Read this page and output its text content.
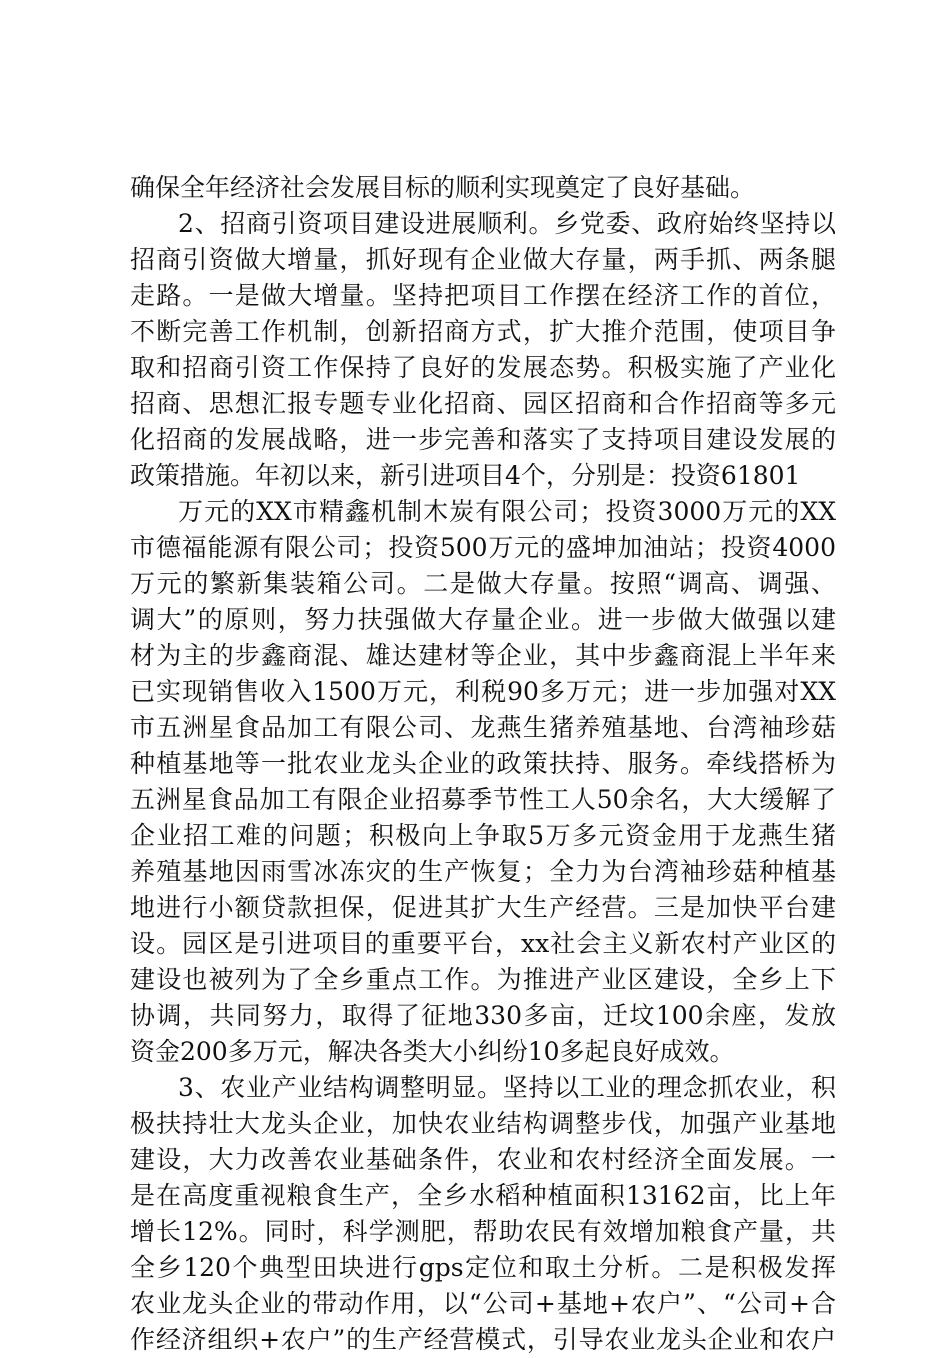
确保全年经济社会发展目标的顺利实现奠定了良好基础。
2、招商引资项目建设进展顺利。乡党委、政府始终坚持以
招商引资做大增量，抓好现有企业做大存量，两手抓、两条腿
走路。一是做大增量。坚持把项目工作摆在经济工作的首位，
不断完善工作机制，创新招商方式，扩大推介范围，使项目争
取和招商引资工作保持了良好的发展态势。积极实施了产业化
招商、思想汇报专题专业化招商、园区招商和合作招商等多元
化招商的发展战略，进一步完善和落实了支持项目建设发展的
政策措施。年初以来，新引进项目4个，分别是：投资61801
万元的XX市精鑫机制木炭有限公司；投资3000万元的XX
市德福能源有限公司；投资500万元的盛坤加油站；投资4000
万元的繁新集装箱公司。二是做大存量。按照“调高、调强、
调大”的原则，努力扶强做大存量企业。进一步做大做强以建
材为主的步鑫商混、雄达建材等企业，其中步鑫商混上半年来
已实现销售收入1500万元，利税90多万元；进一步加强对XX
市五洲星食品加工有限公司、龙燕生猪养殖基地、台湾袖珍菇
种植基地等一批农业龙头企业的政策扶持、服务。牵线搭桥为
五洲星食品加工有限企业招募季节性工人50余名，大大缓解了
企业招工难的问题；积极向上争取5万多元资金用于龙燕生猪
养殖基地因雨雪冰冻灾的生产恢复；全力为台湾袖珍菇种植基
地进行小额贷款担保，促进其扩大生产经营。三是加快平台建
设。园区是引进项目的重要平台，xx社会主义新农村产业区的
建设也被列为了全乡重点工作。为推进产业区建设，全乡上下
协调，共同努力，取得了征地330多亩，迁坟100余座，发放
资金200多万元，解决各类大小纠纷10多起良好成效。
3、农业产业结构调整明显。坚持以工业的理念抓农业，积
极扶持壮大龙头企业，加快农业结构调整步伐，加强产业基地
建设，大力改善农业基础条件，农业和农村经济全面发展。一
是在高度重视粮食生产，全乡水稻种植面积13162亩，比上年
增长12%。同时，科学测肥，帮助农民有效增加粮食产量，共
全乡120个典型田块进行gps定位和取土分析。二是积极发挥
农业龙头企业的带动作用，以“公司+基地+农户”、“公司+合
作经济组织+农户”的生产经营模式，引导农业龙头企业和农户
